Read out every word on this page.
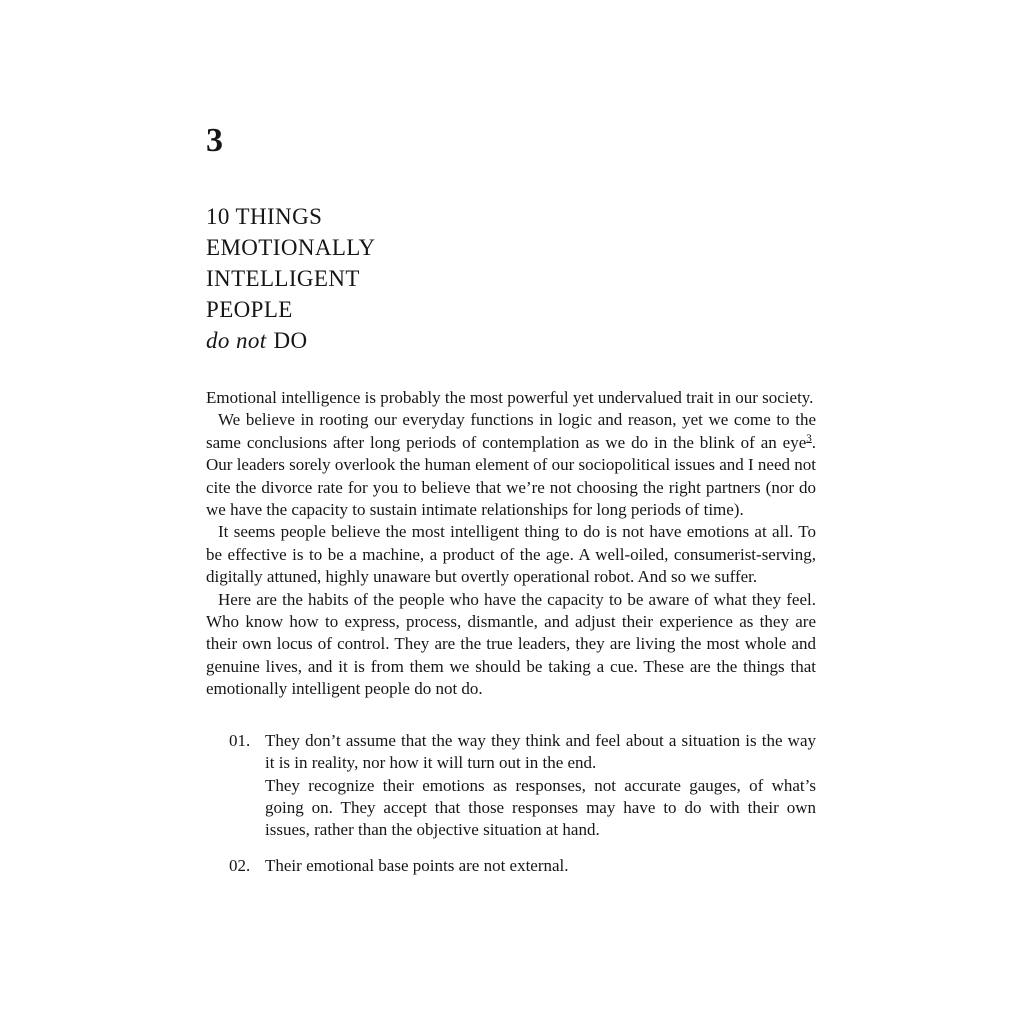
3
10 THINGS
EMOTIONALLY
INTELLIGENT
PEOPLE
do not DO

Emotional intelligence is probably the most powerful yet undervalued trait in our society.

We believe in rooting our everyday functions in logic and reason, yet we come to the same conclusions after long periods of contemplation as we do in the blink of an eye$^3$. Our leaders sorely overlook the human element of our sociopolitical issues and I need not cite the divorce rate for you to believe that we’re not choosing the right partners (nor do we have the capacity to sustain intimate relationships for long periods of time).

It seems people believe the most intelligent thing to do is not have emotions at all. To be effective is to be a machine, a product of the age. A well-oiled, consumerist-serving, digitally attuned, highly unaware but overtly operational robot. And so we suffer.

Here are the habits of the people who have the capacity to be aware of what they feel. Who know how to express, process, dismantle, and adjust their experience as they are their own locus of control. They are the true leaders, they are living the most whole and genuine lives, and it is from them we should be taking a cue. These are the things that emotionally intelligent people do not do.

01. They don’t assume that the way they think and feel about a situation is the way it is in reality, nor how it will turn out in the end.

They recognize their emotions as responses, not accurate gauges, of what’s going on. They accept that those responses may have to do with their own issues, rather than the objective situation at hand.

02. Their emotional base points are not external.
